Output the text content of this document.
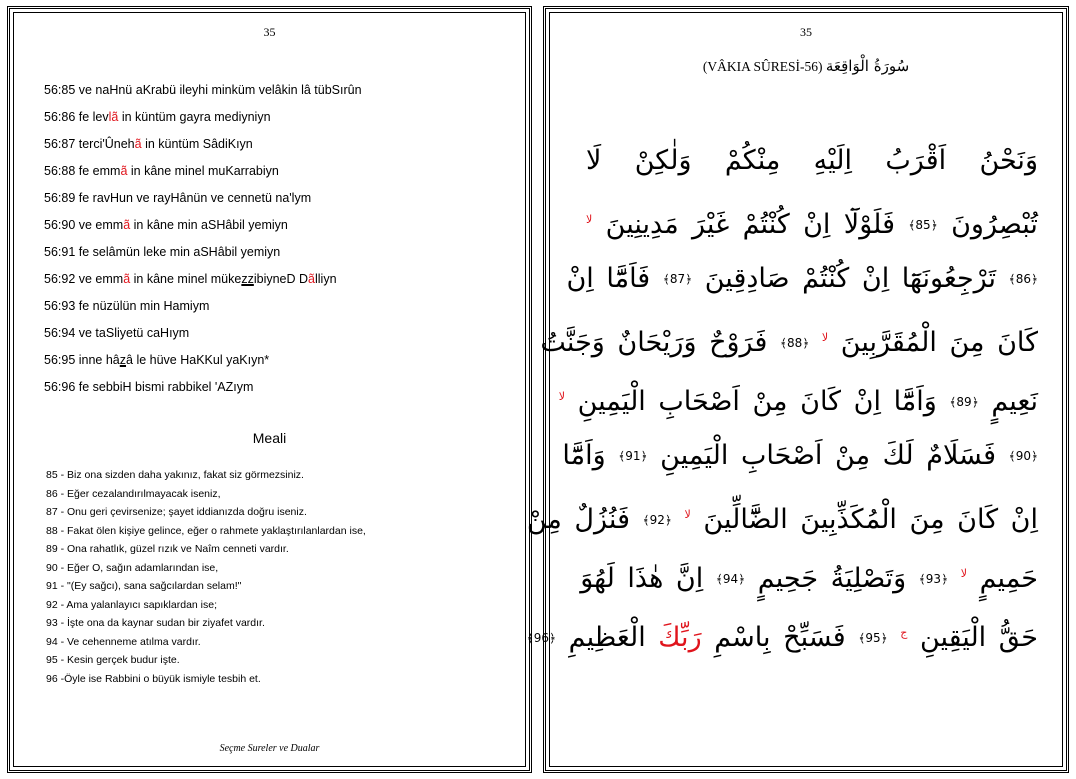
35
56:85 ve naHnü aKrabü ileyhi minküm velâkin lâ tübSırûn
56:86 fe levlã in küntüm gayra mediyniyn
56:87 terci'Ûnehã in küntüm SâdiKıyn
56:88 fe emmã in kâne minel muKarrabiyn
56:89 fe ravHun ve rayHânün ve cennetü na'lym
56:90 ve emmã in kâne min aSHâbil yemiyn
56:91 fe selâmün leke min aSHâbil yemiyn
56:92 ve emmã in kâne minel mükezzibiyneD Dãlliyn
56:93 fe nüzülün min Hamiym
56:94 ve taSliyetü caHıym
56:95 inne hâzâ le hüve HaKKul yaKıyn*
56:96 fe sebbiH bismi rabbikel 'AZıym
Meali
85 - Biz ona sizden daha yakınız, fakat siz görmezsiniz.
86 - Eğer cezalandırılmayacak iseniz,
87 - Onu geri çevirsenize; şayet iddianızda doğru iseniz.
88 - Fakat ölen kişiye gelince, eğer o rahmete yaklaştırılanlardan ise,
89 - Ona rahatlık, güzel rızık ve Naîm cenneti vardır.
90 - Eğer O, sağın adamlarından ise,
91 - "(Ey sağcı), sana sağcılardan selam!"
92 - Ama yalanlayıcı sapıklardan ise;
93 - İşte ona da kaynar sudan bir ziyafet vardır.
94 - Ve cehenneme atılma vardır.
95 - Kesin gerçek budur işte.
96 -Öyle ise Rabbini o büyük ismiyle tesbih et.
Seçme Sureler ve Dualar
35
(VÂKIA SÛRESİ-56) سُورَةُ الْوَاقِعَة
وَنَحْنُ اَقْرَبُ اِلَيْهِ مِنْكُمْ وَلٰكِنْ لَا
تُبْصِرُونَ ﴿85﴾ فَلَوْلَٓا اِنْ كُنْتُمْ غَيْرَ مَدِينِينَ $^{لا}$
﴿86﴾ تَرْجِعُونَهَٓا اِنْ كُنْتُمْ صَادِقِينَ ﴿87﴾ فَاَمَّٓا اِنْ
كَانَ مِنَ الْمُقَرَّبِينَ $^{لا}$ ﴿88﴾ فَرَوْحٌ وَرَيْحَانٌ وَجَنَّتُ
نَعِيمٍ ﴿89﴾ وَاَمَّٓا اِنْ كَانَ مِنْ اَصْحَابِ الْيَمِينِ $^{لا}$
﴿90﴾ فَسَلَامٌ لَكَ مِنْ اَصْحَابِ الْيَمِينِ ﴿91﴾ وَاَمَّٓا
اِنْ كَانَ مِنَ الْمُكَذِّبِينَ الضَّٓالِّينَ $^{لا}$ ﴿92﴾ فَنُزُلٌ مِنْ
حَمِيمٍ $^{لا}$ ﴿93﴾ وَتَصْلِيَةُ جَحِيمٍ ﴿94﴾ اِنَّ هٰذَا لَهُوَ
حَقُّ الْيَقِينِ $^ج$ ﴿95﴾ فَسَبِّحْ بِاسْمِ رَبِّكَ الْعَظِيمِ ﴿96﴾
